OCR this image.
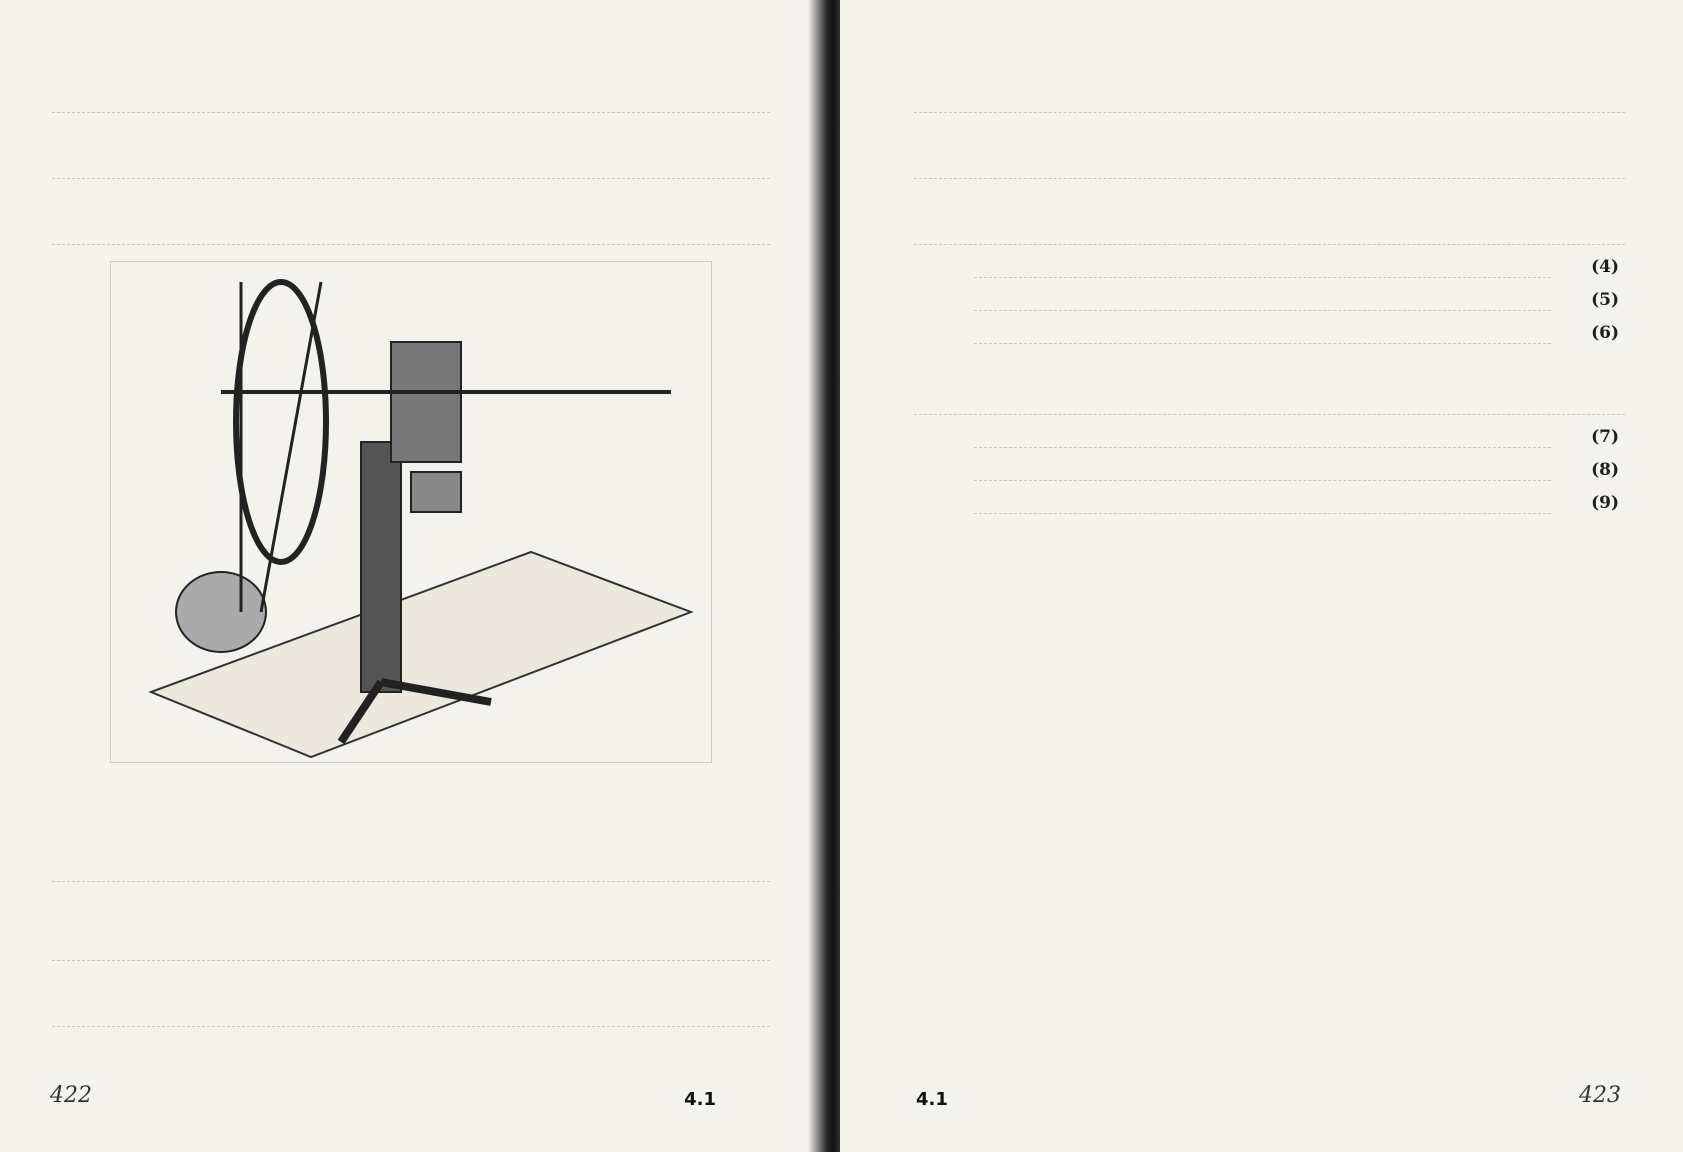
422	4.1

(4)
(5)
(6)

(7)
(8)
(9)
4.1	423
